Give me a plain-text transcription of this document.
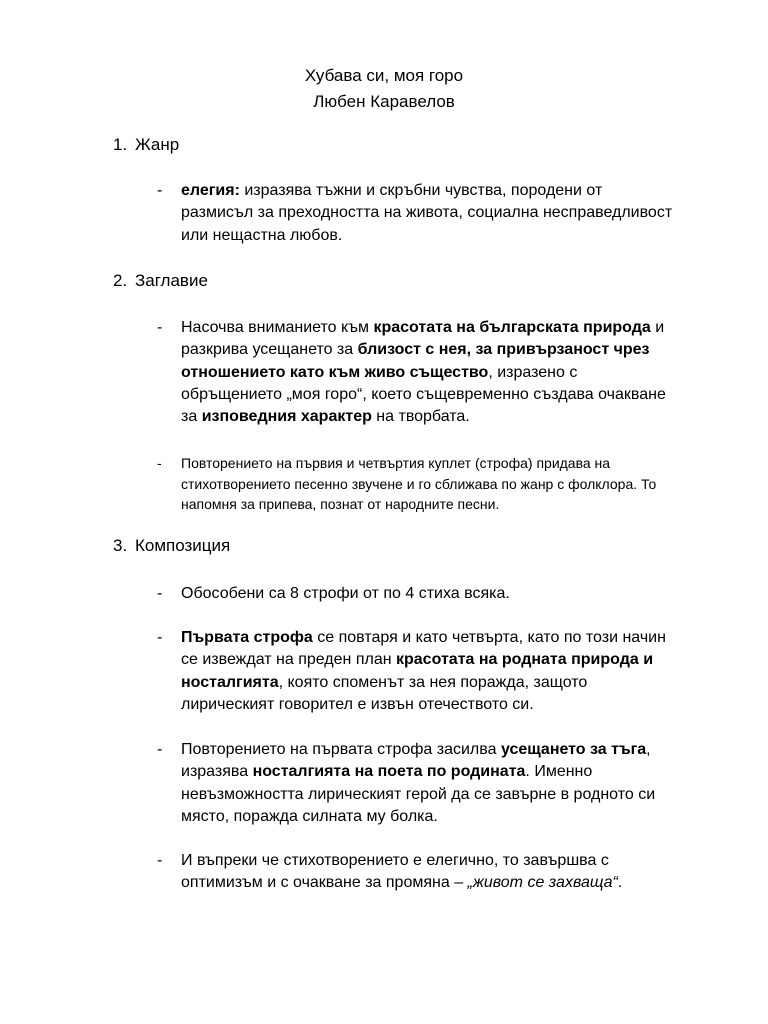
Хубава си, моя горо
Любен Каравелов
1. Жанр
- елегия: изразява тъжни и скръбни чувства, породени от размисъл за преходността на живота, социална несправедливост или нещастна любов.
2. Заглавие
- Насочва вниманието към красотата на българската природа и разкрива усещането за близост с нея, за привързаност чрез отношението като към живо същество, изразено с обръщението „моя горо“, което същевременно създава очакване за изповедния характер на творбата.
- Повторението на първия и четвъртия куплет (строфа) придава на стихотворението песенно звучене и го сближава по жанр с фолклора. То напомня за припева, познат от народните песни.
3. Композиция
- Обособени са 8 строфи от по 4 стиха всяка.
- Първата строфа се повтаря и като четвърта, като по този начин се извеждат на преден план красотата на родната природа и носталгията, която споменът за нея поражда, защото лирическият говорител е извън отечеството си.
- Повторението на първата строфа засилва усещането за тъга, изразява носталгията на поета по родината. Именно невъзможността лирическият герой да се завърне в родното си място, поражда силната му болка.
- И въпреки че стихотворението е елегично, то завършва с оптимизъм и с очакване за промяна – „живот се захваща“.
